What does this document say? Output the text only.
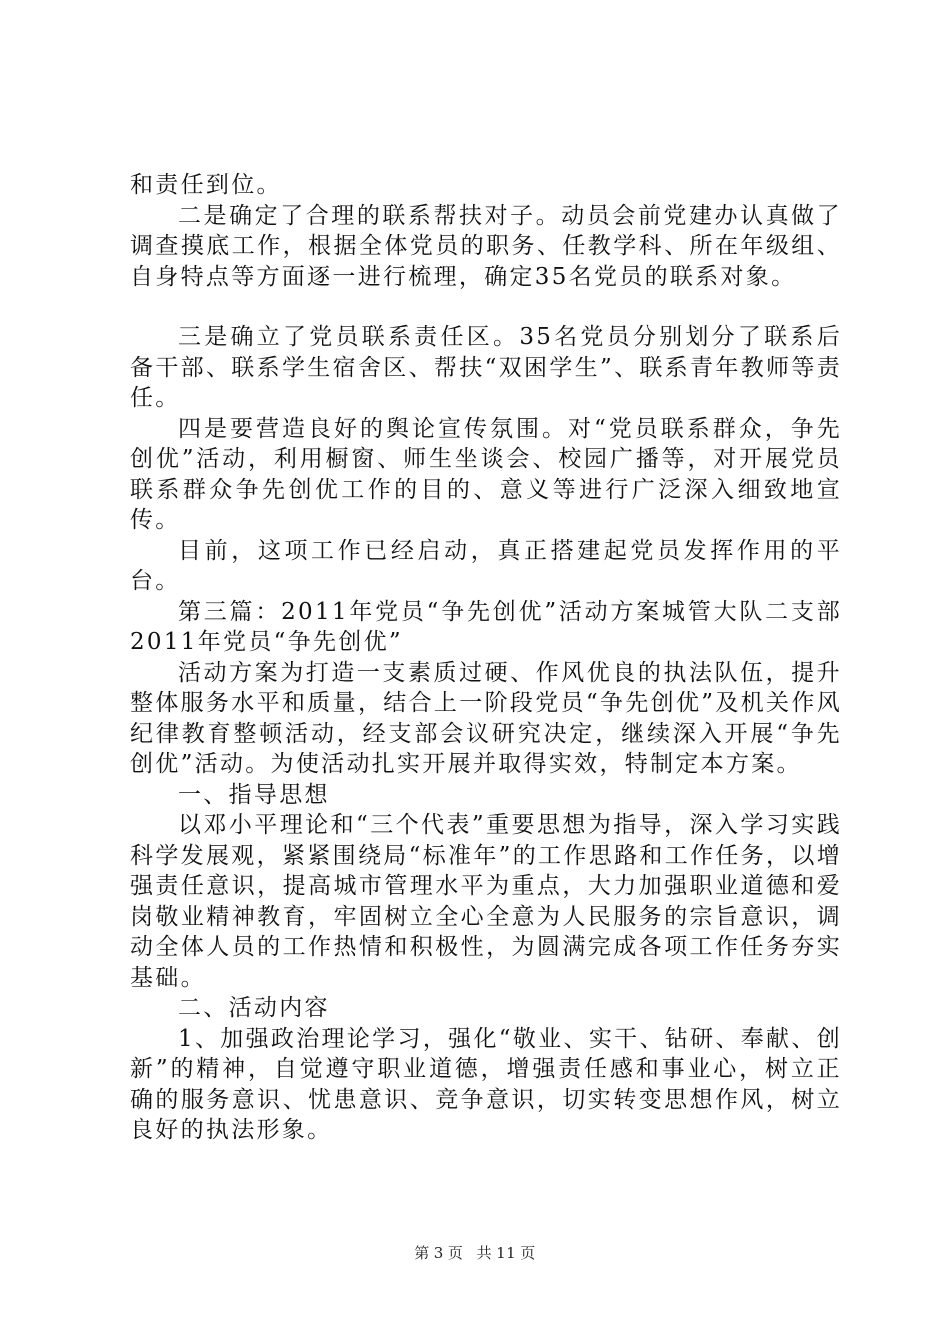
和责任到位。

二是确定了合理的联系帮扶对子。动员会前党建办认真做了调查摸底工作，根据全体党员的职务、任教学科、所在年级组、自身特点等方面逐一进行梳理，确定35名党员的联系对象。

三是确立了党员联系责任区。35名党员分别划分了联系后备干部、联系学生宿舍区、帮扶“双困学生”、联系青年教师等责任。

四是要营造良好的舆论宣传氛围。对“党员联系群众，争先创优”活动，利用橱窗、师生坐谈会、校园广播等，对开展党员联系群众争先创优工作的目的、意义等进行广泛深入细致地宣传。

目前，这项工作已经启动，真正搭建起党员发挥作用的平台。

第三篇：2011年党员“争先创优”活动方案城管大队二支部2011年党员“争先创优”

活动方案为打造一支素质过硬、作风优良的执法队伍，提升整体服务水平和质量，结合上一阶段党员“争先创优”及机关作风纪律教育整顿活动，经支部会议研究决定，继续深入开展“争先创优”活动。为使活动扎实开展并取得实效，特制定本方案。

一、指导思想

以邓小平理论和“三个代表”重要思想为指导，深入学习实践科学发展观，紧紧围绕局“标准年”的工作思路和工作任务，以增强责任意识，提高城市管理水平为重点，大力加强职业道德和爱岗敬业精神教育，牢固树立全心全意为人民服务的宗旨意识，调动全体人员的工作热情和积极性，为圆满完成各项工作任务夯实基础。

二、活动内容

1、加强政治理论学习，强化“敬业、实干、钻研、奉献、创新”的精神，自觉遵守职业道德，增强责任感和事业心，树立正确的服务意识、忧患意识、竞争意识，切实转变思想作风，树立良好的执法形象。

第 3 页 共 11 页
